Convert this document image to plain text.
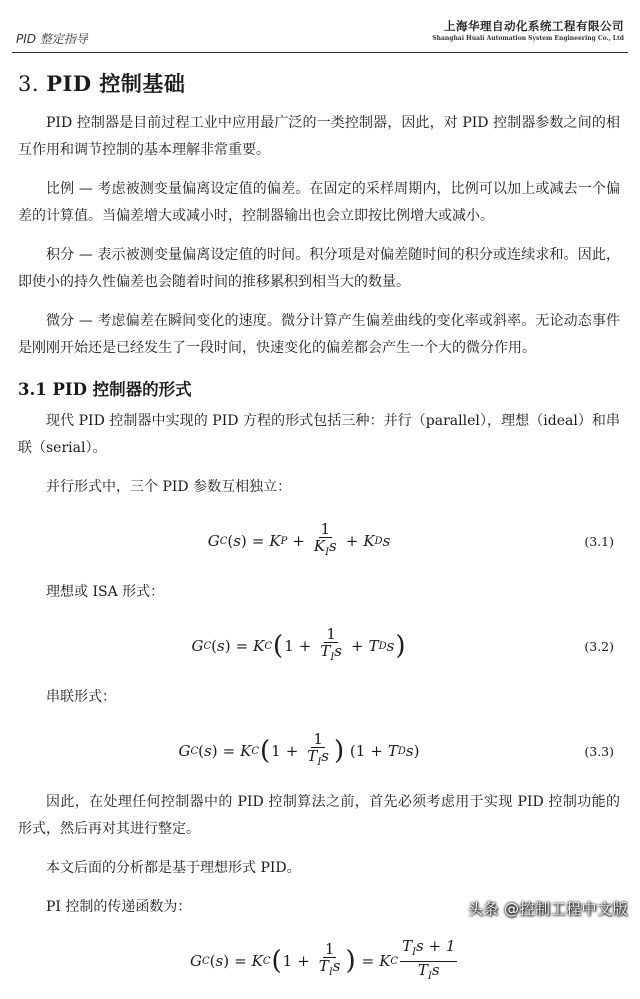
PID 整定指导
上海华理自动化系统工程有限公司
Shanghai Hualí Automation System Engineering Co., Ltd
3. PID 控制基础

PID 控制器是目前过程工业中应用最广泛的一类控制器，因此，对 PID 控制器参数之间的相互作用和调节控制的基本理解非常重要。

比例 — 考虑被测变量偏离设定值的偏差。在固定的采样周期内，比例可以加上或减去一个偏差的计算值。当偏差增大或减小时，控制器输出也会立即按比例增大或减小。

积分 — 表示被测变量偏离设定值的时间。积分项是对偏差随时间的积分或连续求和。因此，即使小的持久性偏差也会随着时间的推移累积到相当大的数量。

微分 — 考虑偏差在瞬间变化的速度。微分计算产生偏差曲线的变化率或斜率。无论动态事件是刚刚开始还是已经发生了一段时间，快速变化的偏差都会产生一个大的微分作用。

3.1 PID 控制器的形式

现代 PID 控制器中实现的 PID 方程的形式包括三种：并行（parallel），理想（ideal）和串联（serial）。

并行形式中，三个 PID 参数互相独立：

G C ( s ) = K $P + \frac{1}{K_Is} + K$ D s	(3.1)

理想或 ISA 形式：

G C ( s ) = K C ( $1 + \frac{1}{T_Is} + T$ D s )	(3.2)

串联形式：

G C ( s ) = K C ( $1 + \frac{1}{T_Is}$ ) (1 + T D s )	(3.3)

因此，在处理任何控制器中的 PID 控制算法之前，首先必须考虑用于实现 PID 控制功能的形式，然后再对其进行整定。

本文后面的分析都是基于理想形式 PID。

PI 控制的传递函数为：

G C ( s ) = K C ( $1 + \frac{1}{T_Is}$ ) = K C $\frac{T_Is + 1}{T_Is}$
头条 @控制工程中文版
